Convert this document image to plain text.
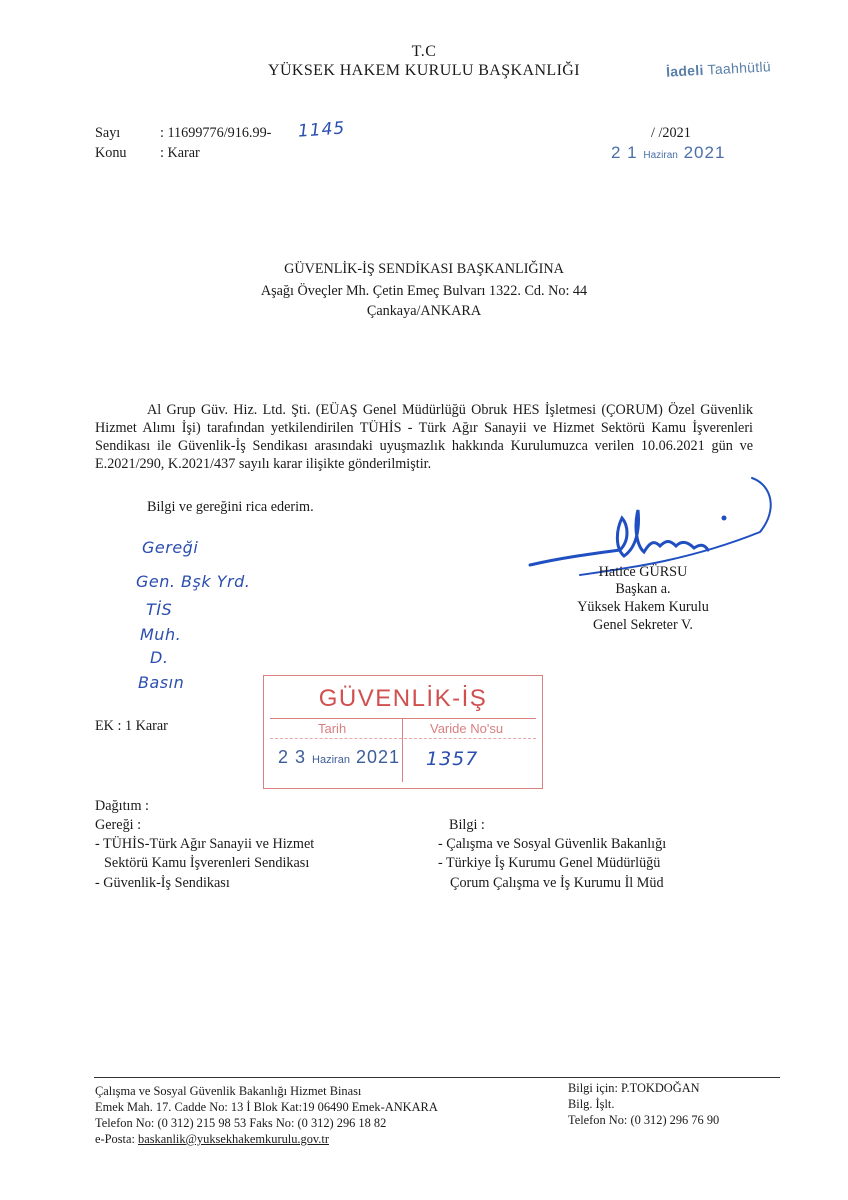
T.C
YÜKSEK HAKEM KURULU BAŞKANLIĞI	İadeli Taahhütlü
Sayı	: 11699776/916.99- 1145	/ /2021
2 1 Haziran 2021
Konu : Karar
GÜVENLİK-İŞ SENDİKASI BAŞKANLIĞINA
Aşağı Öveçler Mh. Çetin Emeç Bulvarı 1322. Cd. No: 44
Çankaya/ANKARA
Al Grup Güv. Hiz. Ltd. Şti. (EÜAŞ Genel Müdürlüğü Obruk HES İşletmesi (ÇORUM) Özel Güvenlik Hizmet Alımı İşi) tarafından yetkilendirilen TÜHİS - Türk Ağır Sanayii ve Hizmet Sektörü Kamu İşverenleri Sendikası ile Güvenlik-İş Sendikası arasındaki uyuşmazlık hakkında Kurulumuzca verilen 10.06.2021 gün ve E.2021/290, K.2021/437 sayılı karar ilişikte gönderilmiştir.
Bilgi ve gereğini rica ederim.
Hatice GÜRSU
Başkan a.
Yüksek Hakem Kurulu
Genel Sekreter V.
Gereği
Gen. Bşk Yrd.
TİS
Muh.
D.
Basın
EK : 1 Karar
GÜVENLİK-İŞ
Tarih	Varide No'su
2 3 Haziran 2021 1357
Dağıtım :
Gereği :
- TÜHİS-Türk Ağır Sanayii ve Hizmet
Sektörü Kamu İşverenleri Sendikası
- Güvenlik-İş Sendikası
Bilgi :
- Çalışma ve Sosyal Güvenlik Bakanlığı
- Türkiye İş Kurumu Genel Müdürlüğü
Çorum Çalışma ve İş Kurumu İl Müd
Çalışma ve Sosyal Güvenlik Bakanlığı Hizmet Binası
Emek Mah. 17. Cadde No: 13 İ Blok Kat:19 06490 Emek-ANKARA
Telefon No: (0 312) 215 98 53 Faks No: (0 312) 296 18 82
e-Posta: baskanlik@yuksekhakemkurulu.gov.tr
Bilgi için: P.TOKDOĞAN
Bilg. İşlt.
Telefon No: (0 312) 296 76 90
